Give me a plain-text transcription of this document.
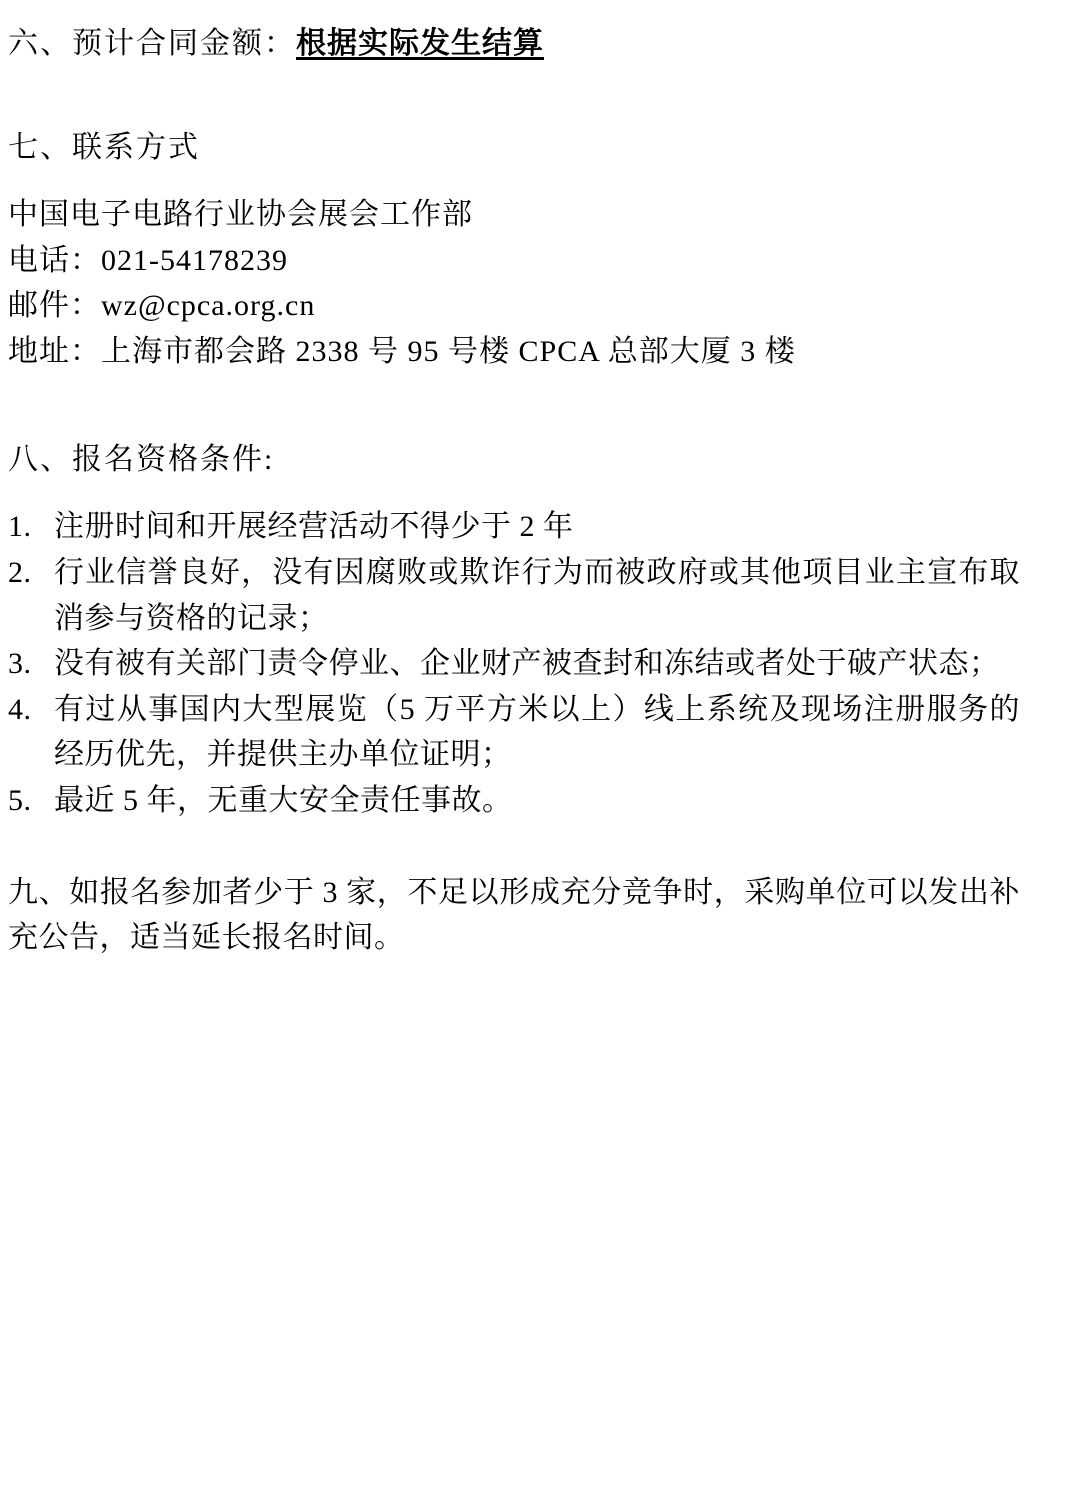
六、预计合同金额： 根据实际发生结算
七、联系方式
中国电子电路行业协会展会工作部
电话：021-54178239
邮件：wz@cpca.org.cn
地址：上海市都会路 2338 号 95 号楼 CPCA 总部大厦 3 楼
八、报名资格条件:
1. 注册时间和开展经营活动不得少于 2 年
2. 行业信誉良好，没有因腐败或欺诈行为而被政府或其他项目业主宣布取消参与资格的记录；
3. 没有被有关部门责令停业、企业财产被查封和冻结或者处于破产状态；
4. 有过从事国内大型展览（5 万平方米以上）线上系统及现场注册服务的经历优先，并提供主办单位证明；
5. 最近 5 年，无重大安全责任事故。
九、如报名参加者少于 3 家，不足以形成充分竞争时，采购单位可以发出补充公告，适当延长报名时间。
